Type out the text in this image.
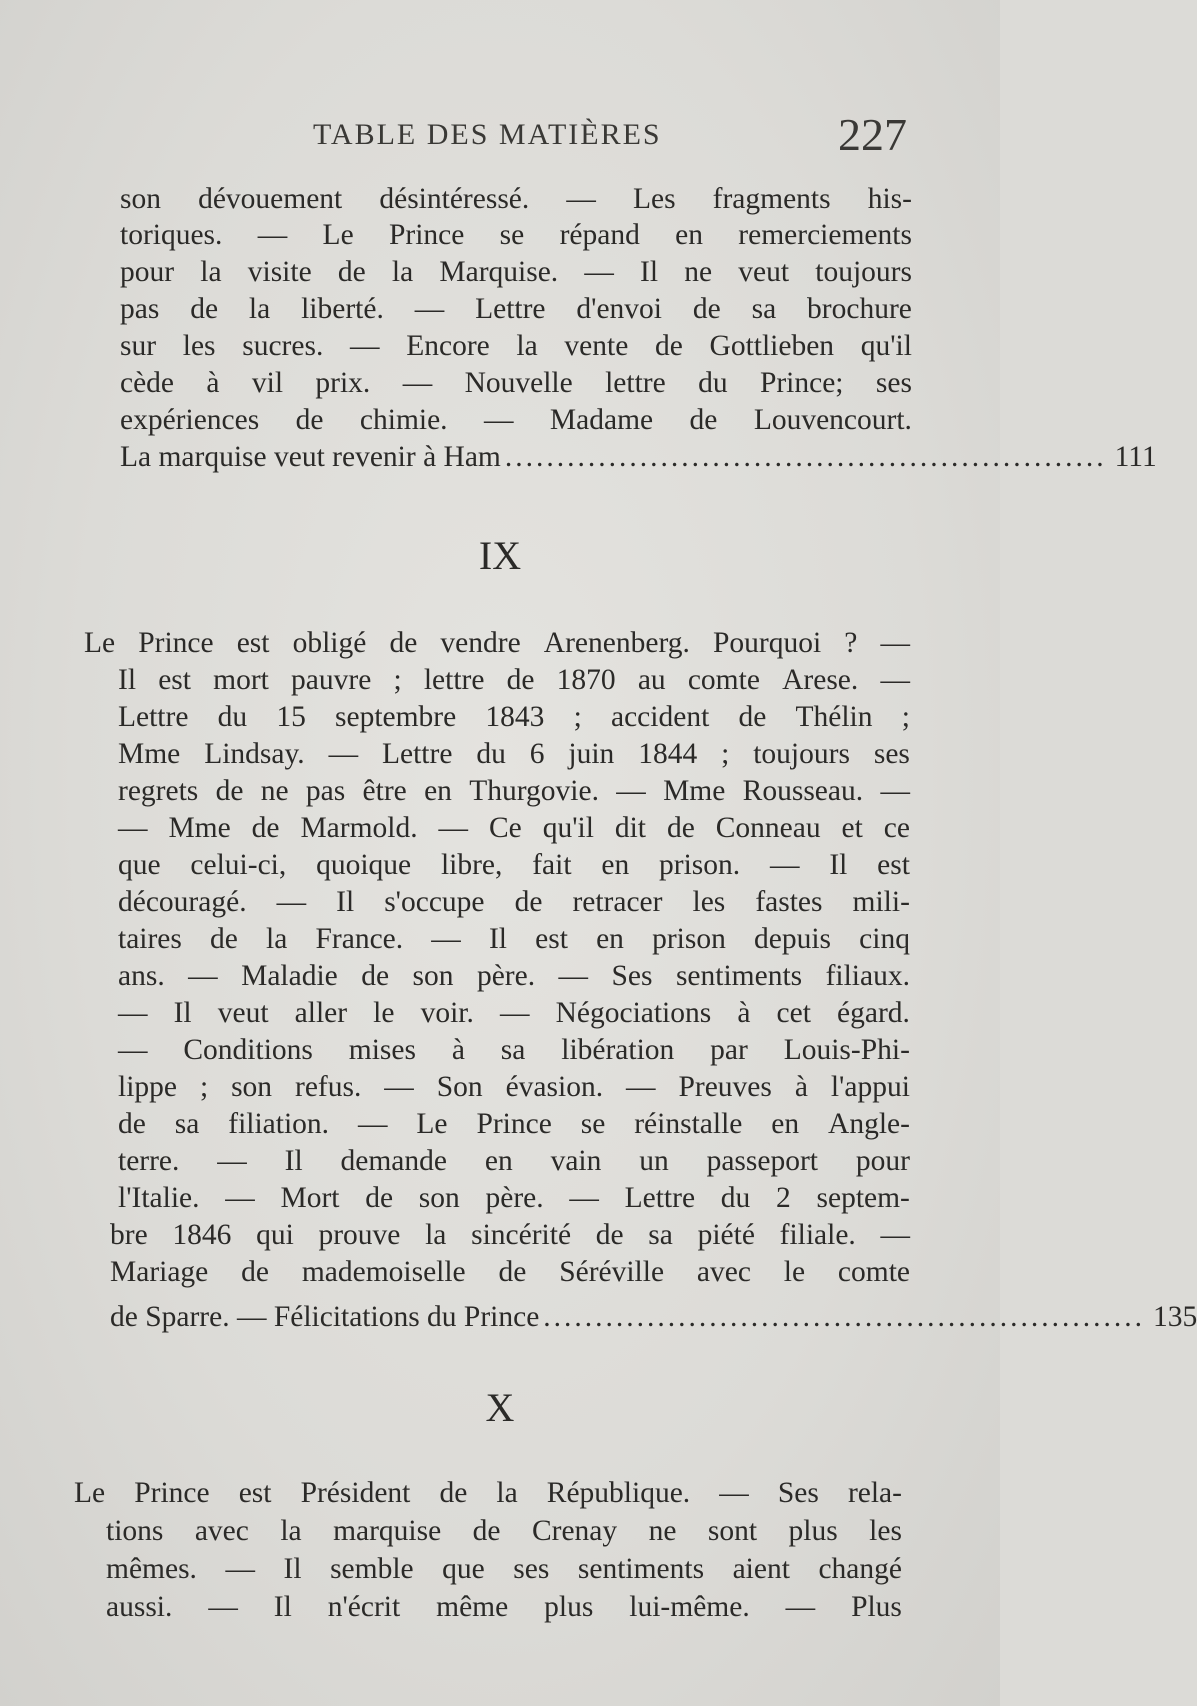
TABLE DES MATIÈRES	227
son dévouement désintéressé. — Les fragments his-
toriques. — Le Prince se répand en remerciements
pour la visite de la Marquise. — Il ne veut toujours
pas de la liberté. — Lettre d'envoi de sa brochure
sur les sucres. — Encore la vente de Gottlieben qu'il
cède à vil prix. — Nouvelle lettre du Prince; ses
expériences de chimie. — Madame de Louvencourt.
La marquise veut revenir à Ham .......................................................... 111
IX
Le Prince est obligé de vendre Arenenberg. Pourquoi ? —
Il est mort pauvre ; lettre de 1870 au comte Arese. —
Lettre du 15 septembre 1843 ; accident de Thélin ;
Mme Lindsay. — Lettre du 6 juin 1844 ; toujours ses
regrets de ne pas être en Thurgovie. — Mme Rousseau. —
— Mme de Marmold. — Ce qu'il dit de Conneau et ce
que celui-ci, quoique libre, fait en prison. — Il est
découragé. — Il s'occupe de retracer les fastes mili-
taires de la France. — Il est en prison depuis cinq
ans. — Maladie de son père. — Ses sentiments filiaux.
— Il veut aller le voir. — Négociations à cet égard.
— Conditions mises à sa libération par Louis-Phi-
lippe ; son refus. — Son évasion. — Preuves à l'appui
de sa filiation. — Le Prince se réinstalle en Angle-
terre. — Il demande en vain un passeport pour
l'Italie. — Mort de son père. — Lettre du 2 septem-
bre 1846 qui prouve la sincérité de sa piété filiale. —
Mariage de mademoiselle de Séréville avec le comte
de Sparre. — Félicitations du Prince .......................................................... 135
X
Le Prince est Président de la République. — Ses rela-
tions avec la marquise de Crenay ne sont plus les
mêmes. — Il semble que ses sentiments aient changé
aussi. — Il n'écrit même plus lui-même. — Plus
